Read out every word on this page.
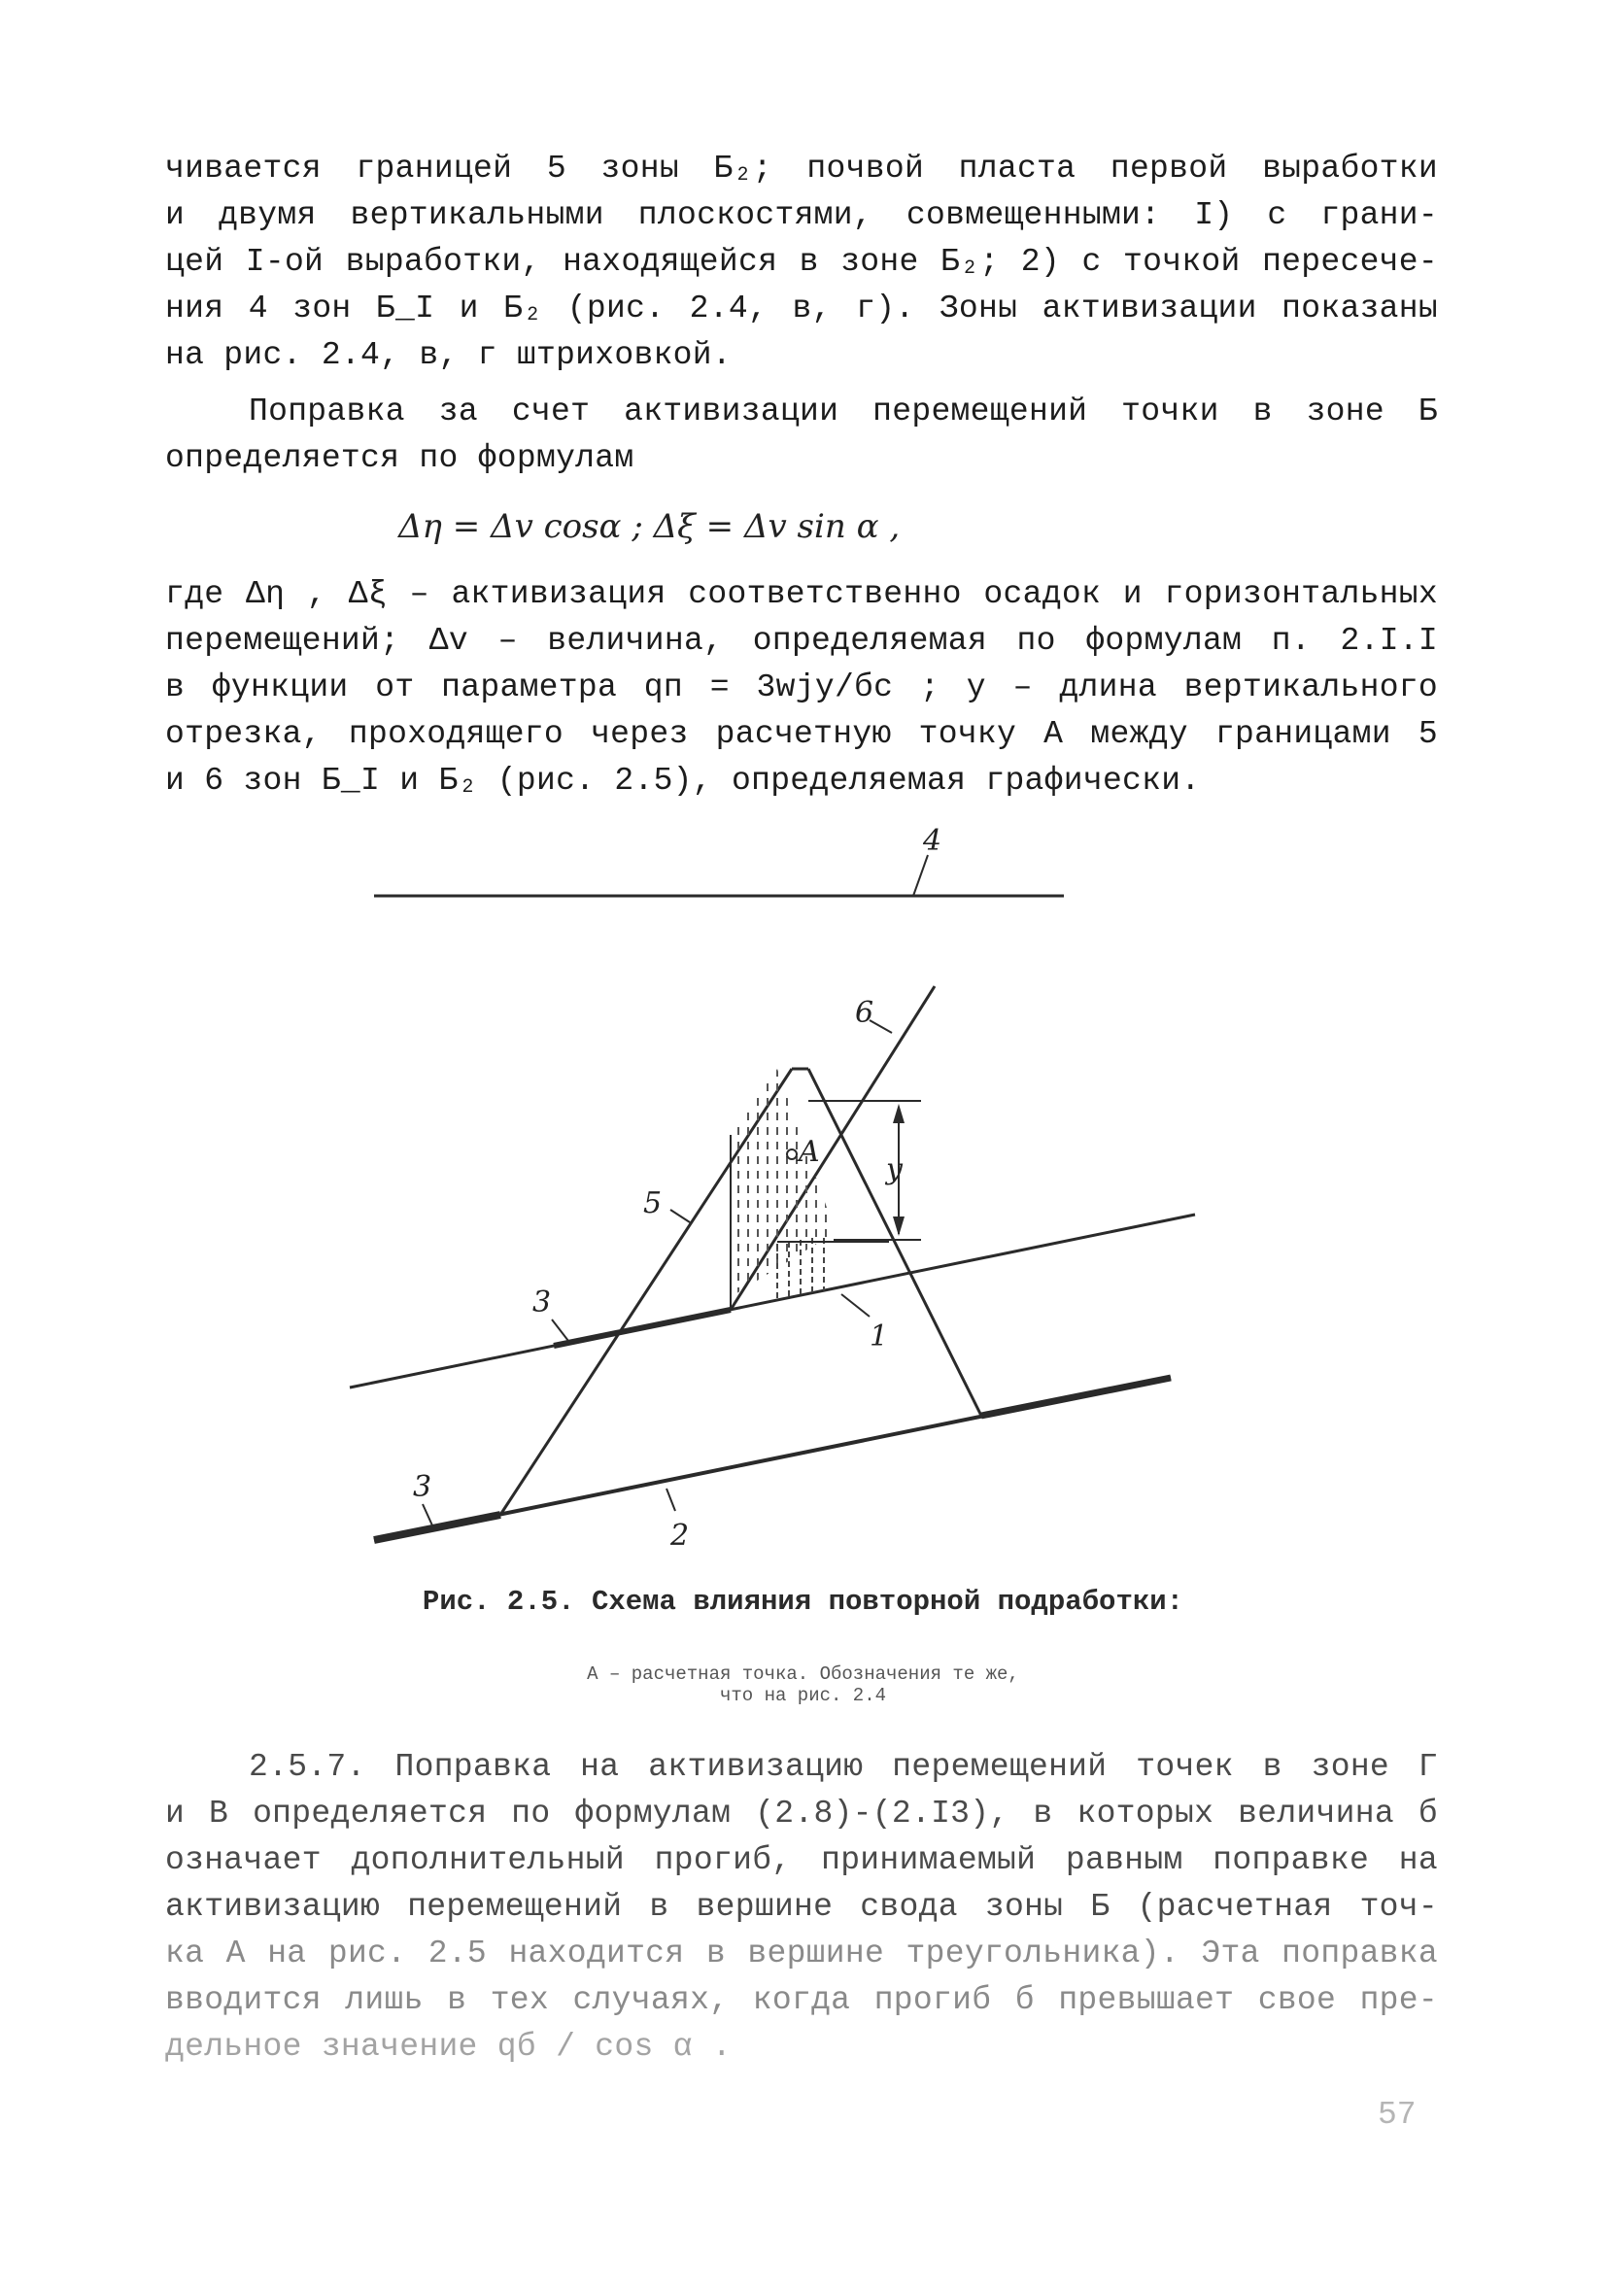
чивается границей 5 зоны Б₂; почвой пласта первой выработки
и двумя вертикальными плоскостями, совмещенными: I) с грани-
цей I-ой выработки, находящейся в зоне Б₂; 2) с точкой пересече-
ния 4 зон Б_I и Б₂ (рис. 2.4, в, г). Зоны активизации показаны
на рис. 2.4, в, г штриховкой.
Поправка за счет активизации перемещений точки в зоне Б
определяется по формулам
Δη = Δv cosα ; Δξ = Δv sin α ,
где Δη , Δξ – активизация соответственно осадок и горизонтальных
перемещений; Δv – величина, определяемая по формулам п. 2.I.I
в функции от параметра qп = 3wjy/бс ; y – длина вертикального
отрезка, проходящего через расчетную точку А между границами 5
и 6 зон Б_I и Б₂ (рис. 2.5), определяемая графически.
4
6
A
y
5
3
1
3
2
Рис. 2.5. Схема влияния повторной подработки:
А – расчетная точка. Обозначения те же,
что на рис. 2.4
2.5.7. Поправка на активизацию перемещений точек в зоне Г
и В определяется по формулам (2.8)-(2.I3), в которых величина б
означает дополнительный прогиб, принимаемый равным поправке на
активизацию перемещений в вершине свода зоны Б (расчетная точ-
ка А на рис. 2.5 находится в вершине треугольника). Эта поправка
вводится лишь в тех случаях, когда прогиб б превышает свое пре-
дельное значение qб / cos α .
57
